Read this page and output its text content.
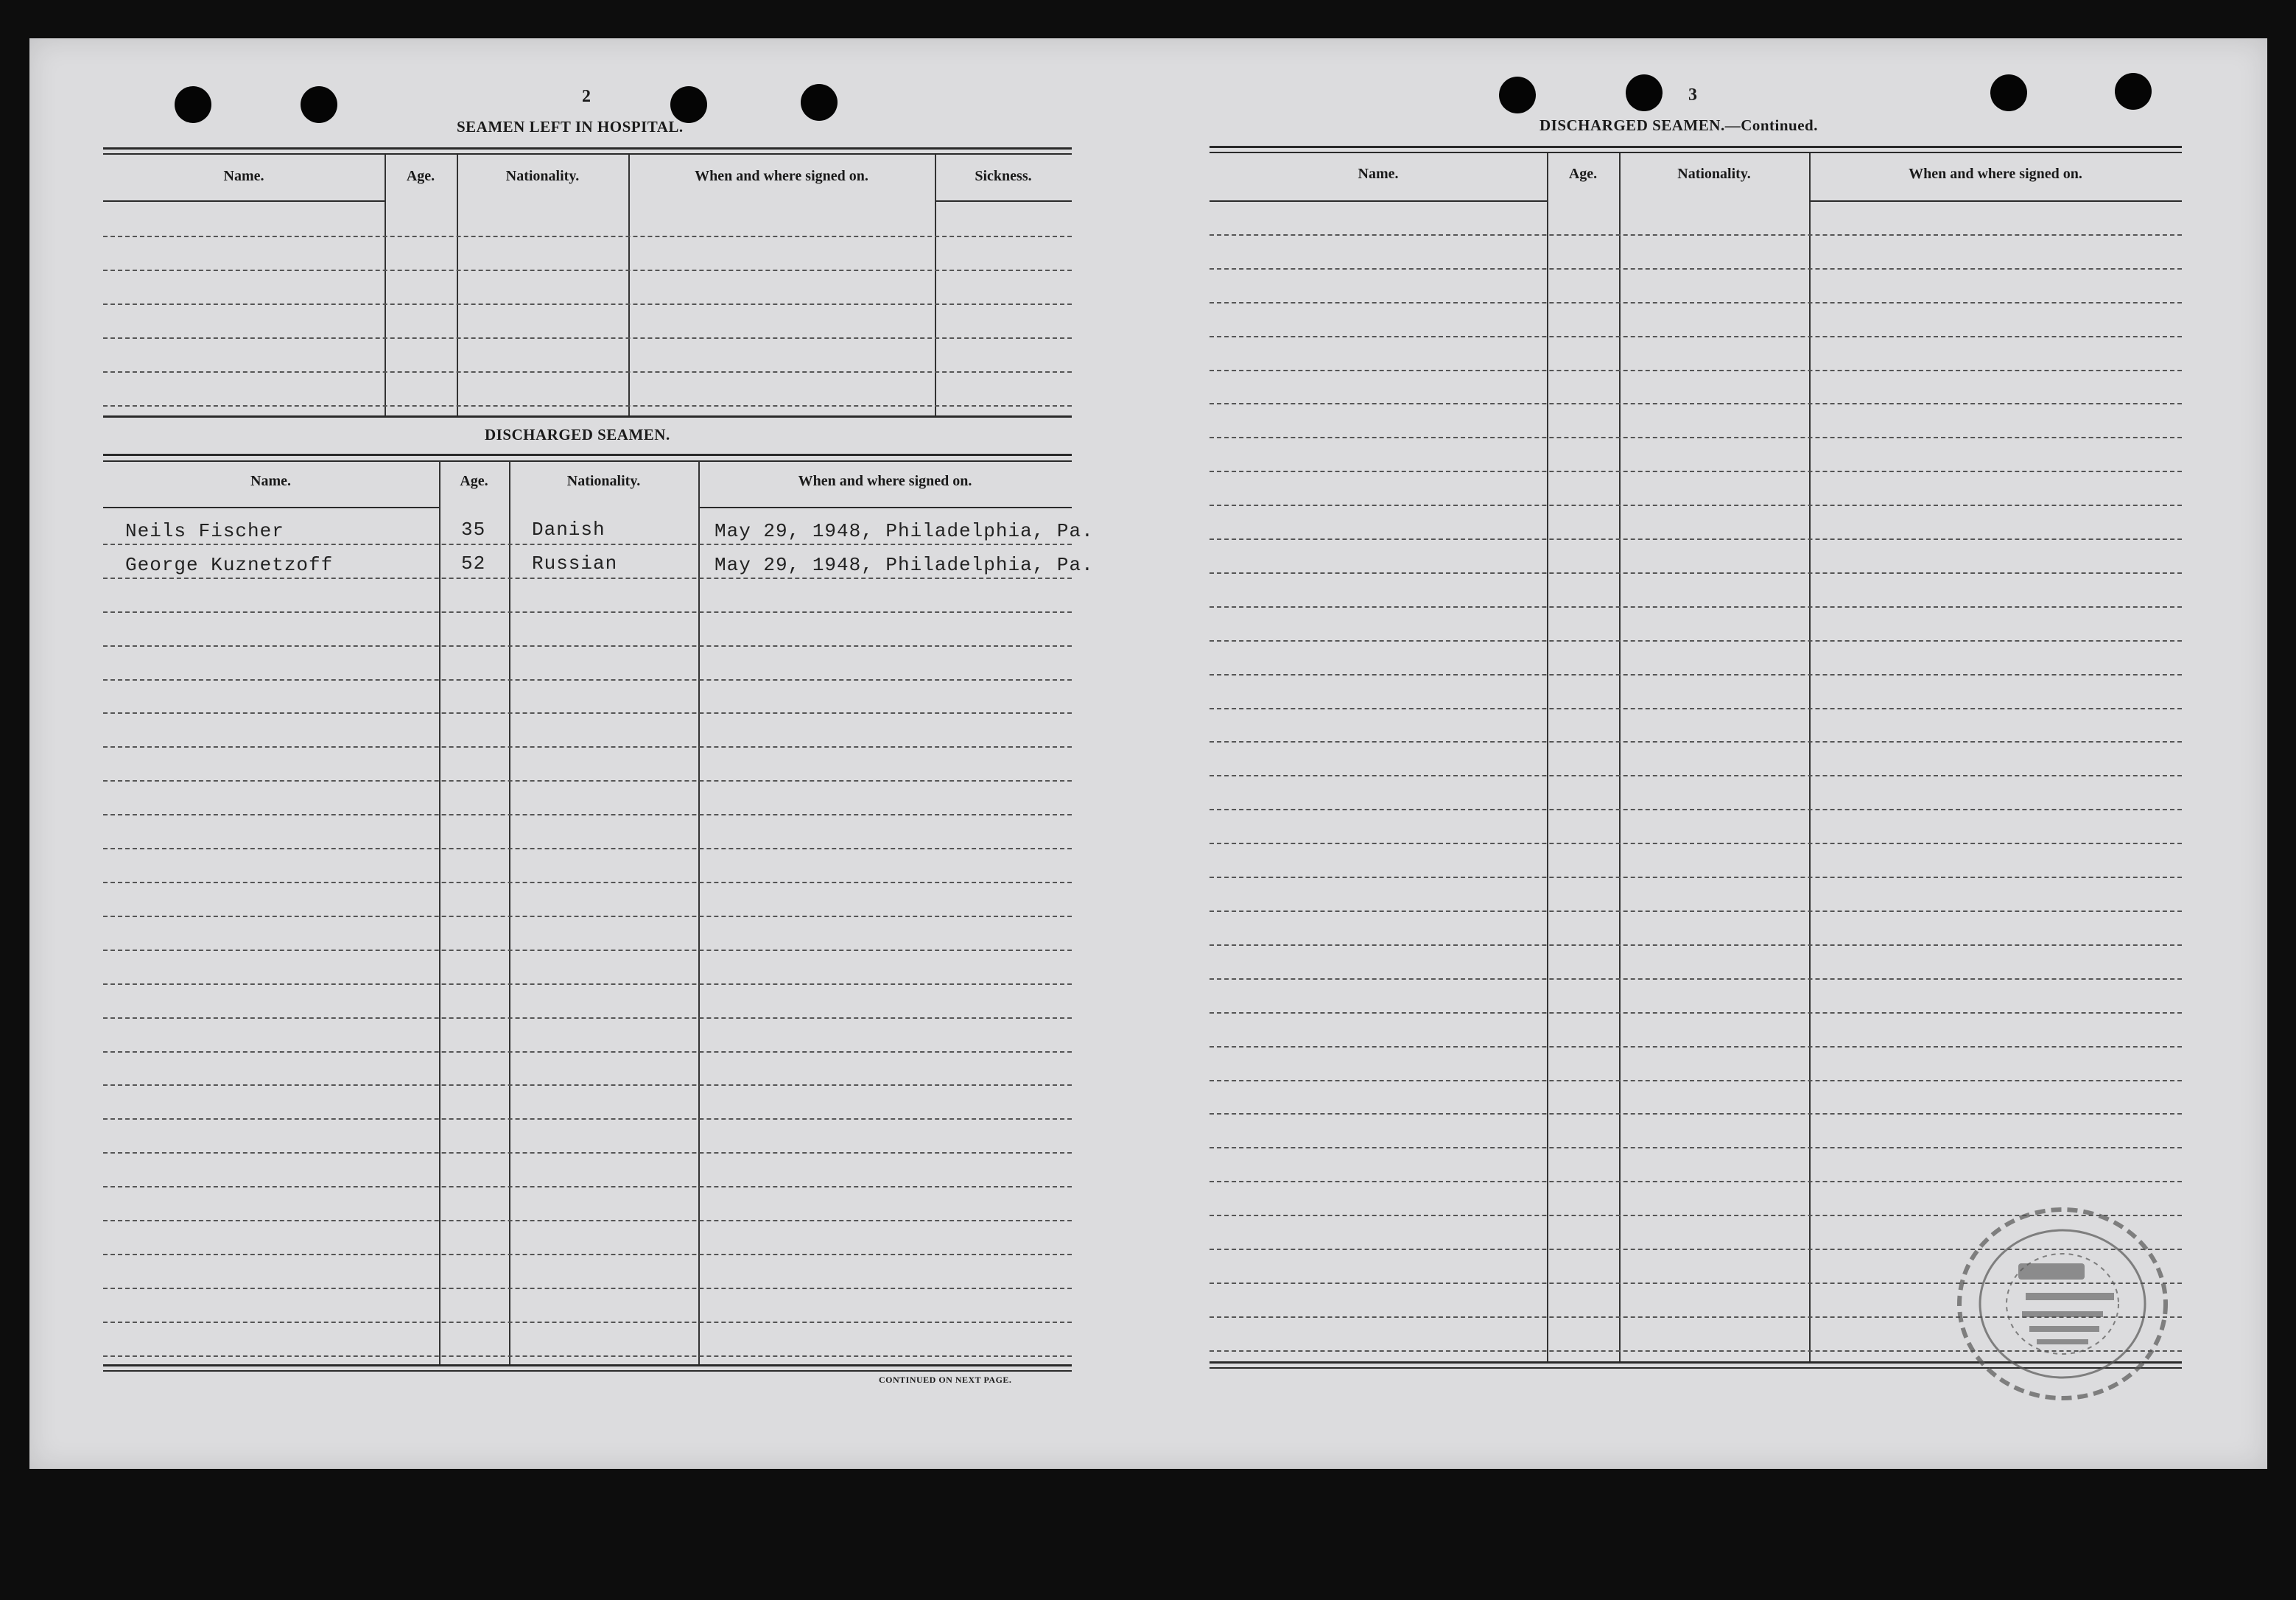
2
SEAMEN LEFT IN HOSPITAL.
Name.	Age.	Nationality.	When and where signed on.	Sickness.
DISCHARGED SEAMEN.
Name.	Age.	Nationality.	When and where signed on.
Neils Fischer	35 Danish	May 29, 1948, Philadelphia, Pa.
George Kuznetzoff	52 Russian	May 29, 1948, Philadelphia, Pa.
CONTINUED ON NEXT PAGE.
3
DISCHARGED SEAMEN.—Continued.
Name.	Age.	Nationality.	When and where signed on.
